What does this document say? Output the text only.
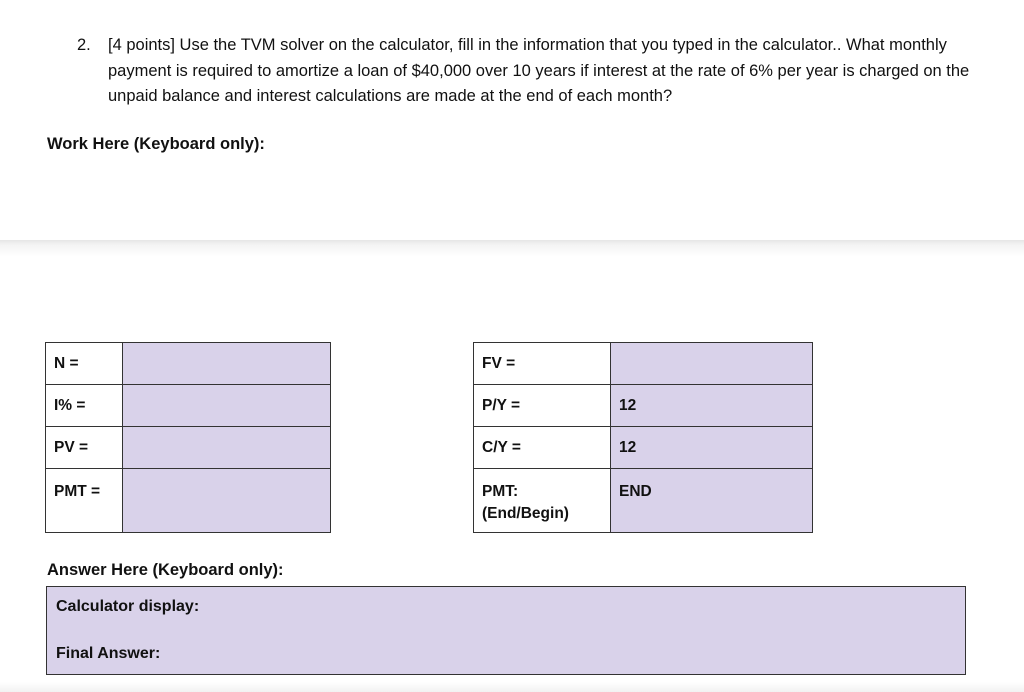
2. [4 points] Use the TVM solver on the calculator, fill in the information that you typed in the calculator.. What monthly payment is required to amortize a loan of $40,000 over 10 years if interest at the rate of 6% per year is charged on the unpaid balance and interest calculations are made at the end of each month?
Work Here (Keyboard only):
N =	
I% =	
PV =	
PMT =	
FV =	
P/Y =	12
C/Y =	12
PMT:
(End/Begin)	END
Answer Here (Keyboard only):
Calculator display:
Final Answer:
